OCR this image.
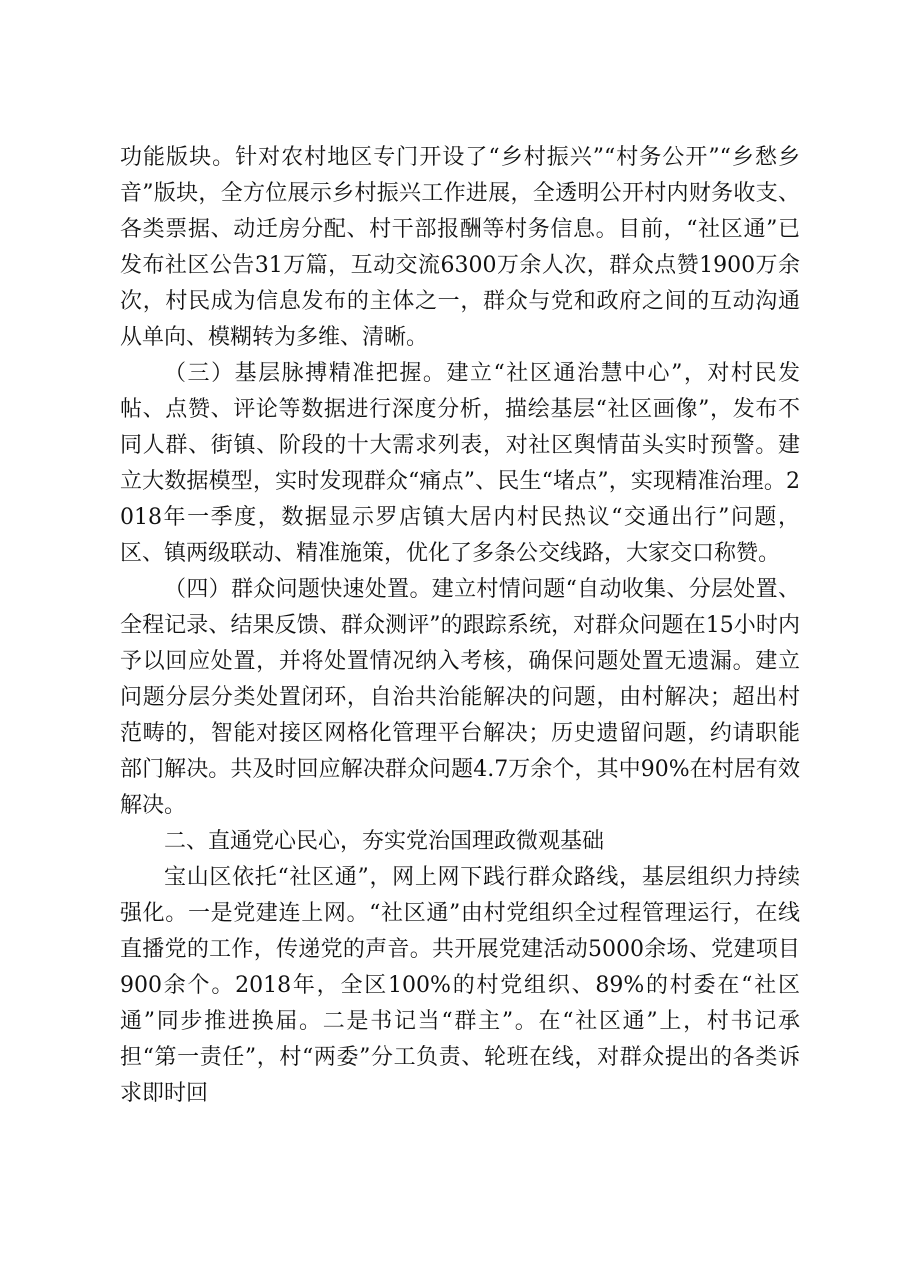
功能版块。针对农村地区专门开设了“乡村振兴”“村务公开”“乡愁乡音”版块，全方位展示乡村振兴工作进展，全透明公开村内财务收支、各类票据、动迁房分配、村干部报酬等村务信息。目前，“社区通”已发布社区公告31万篇，互动交流6300万余人次，群众点赞1900万余次，村民成为信息发布的主体之一，群众与党和政府之间的互动沟通从单向、模糊转为多维、清晰。

（三）基层脉搏精准把握。建立“社区通治慧中心”，对村民发帖、点赞、评论等数据进行深度分析，描绘基层“社区画像”，发布不同人群、街镇、阶段的十大需求列表，对社区舆情苗头实时预警。建立大数据模型，实时发现群众“痛点”、民生“堵点”，实现精准治理。2018年一季度，数据显示罗店镇大居内村民热议“交通出行”问题，区、镇两级联动、精准施策，优化了多条公交线路，大家交口称赞。

（四）群众问题快速处置。建立村情问题“自动收集、分层处置、全程记录、结果反馈、群众测评”的跟踪系统，对群众问题在15小时内予以回应处置，并将处置情况纳入考核，确保问题处置无遗漏。建立问题分层分类处置闭环，自治共治能解决的问题，由村解决；超出村范畴的，智能对接区网格化管理平台解决；历史遗留问题，约请职能部门解决。共及时回应解决群众问题4.7万余个，其中90%在村居有效解决。

二、直通党心民心，夯实党治国理政微观基础

宝山区依托“社区通”，网上网下践行群众路线，基层组织力持续强化。一是党建连上网。“社区通”由村党组织全过程管理运行，在线直播党的工作，传递党的声音。共开展党建活动5000余场、党建项目900余个。2018年，全区100%的村党组织、89%的村委在“社区通”同步推进换届。二是书记当“群主”。在“社区通”上，村书记承担“第一责任”，村“两委”分工负责、轮班在线，对群众提出的各类诉求即时回
